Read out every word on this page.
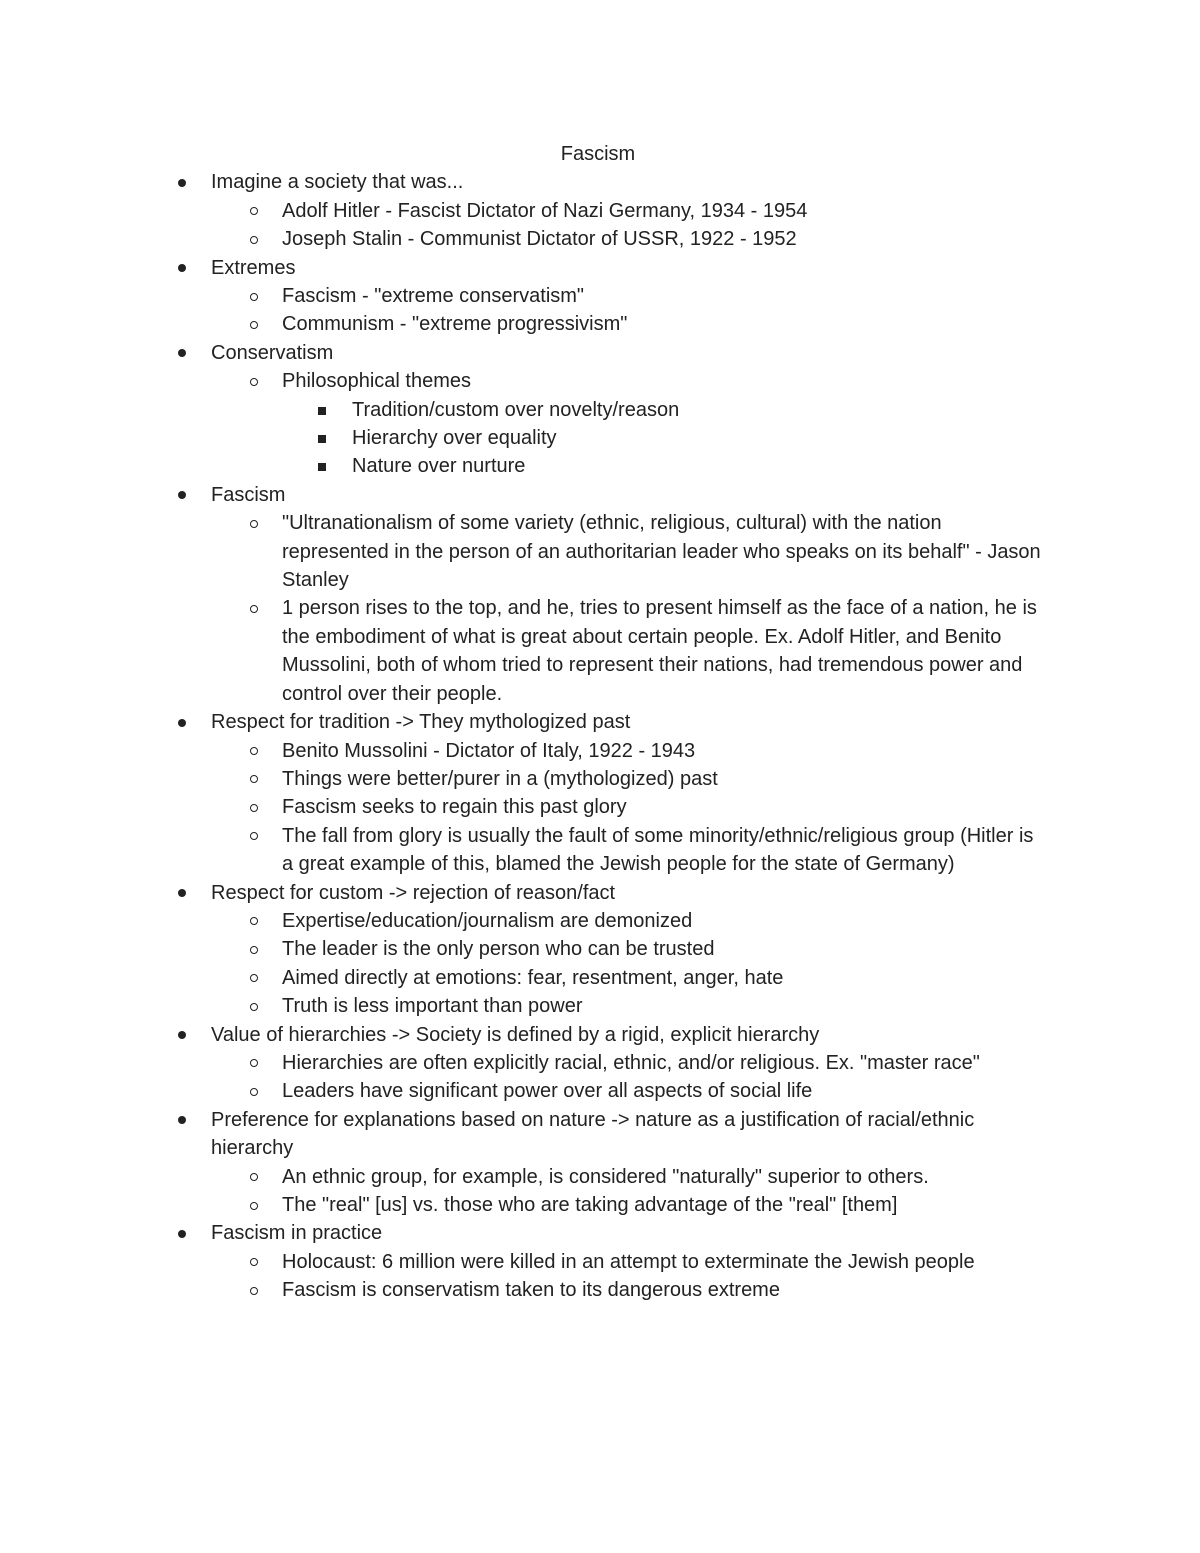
Fascism
Imagine a society that was...
Adolf Hitler - Fascist Dictator of Nazi Germany, 1934 - 1954
Joseph Stalin - Communist Dictator of USSR, 1922 - 1952
Extremes
Fascism - "extreme conservatism"
Communism - "extreme progressivism"
Conservatism
Philosophical themes
Tradition/custom over novelty/reason
Hierarchy over equality
Nature over nurture
Fascism
"Ultranationalism of some variety (ethnic, religious, cultural) with the nation represented in the person of an authoritarian leader who speaks on its behalf" - Jason Stanley
1 person rises to the top, and he, tries to present himself as the face of a nation, he is the embodiment of what is great about certain people. Ex. Adolf Hitler, and Benito Mussolini, both of whom tried to represent their nations, had tremendous power and control over their people.
Respect for tradition -> They mythologized past
Benito Mussolini - Dictator of Italy, 1922 - 1943
Things were better/purer in a (mythologized) past
Fascism seeks to regain this past glory
The fall from glory is usually the fault of some minority/ethnic/religious group (Hitler is a great example of this, blamed the Jewish people for the state of Germany)
Respect for custom -> rejection of reason/fact
Expertise/education/journalism are demonized
The leader is the only person who can be trusted
Aimed directly at emotions: fear, resentment, anger, hate
Truth is less important than power
Value of hierarchies -> Society is defined by a rigid, explicit hierarchy
Hierarchies are often explicitly racial, ethnic, and/or religious. Ex. "master race"
Leaders have significant power over all aspects of social life
Preference for explanations based on nature -> nature as a justification of racial/ethnic hierarchy
An ethnic group, for example, is considered "naturally" superior to others.
The "real" [us] vs. those who are taking advantage of the "real" [them]
Fascism in practice
Holocaust: 6 million were killed in an attempt to exterminate the Jewish people
Fascism is conservatism taken to its dangerous extreme
